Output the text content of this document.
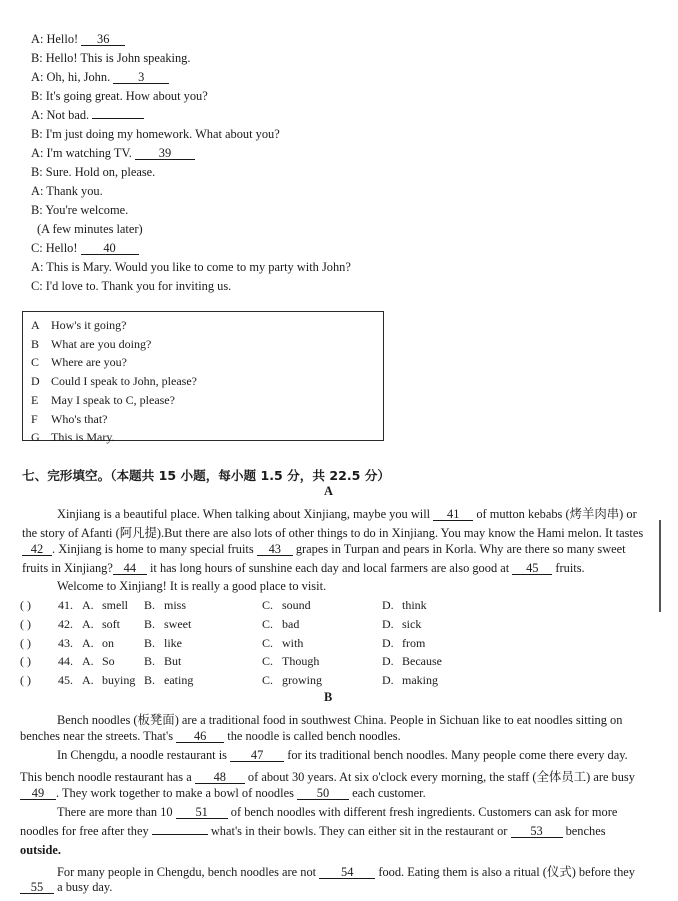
A: Hello! 36
B: Hello! This is John speaking.
A: Oh, hi, John. 3
B: It's going great. How about you?
A: Not bad.
B: I'm just doing my homework. What about you?
A: I'm watching TV. 39
B: Sure. Hold on, please.
A: Thank you.
B: You're welcome.
(A few minutes later)
C: Hello! 40
A: This is Mary. Would you like to come to my party with John?
C: I'd love to. Thank you for inviting us.
A How's it going?
B What are you doing?
C Where are you?
D Could I speak to John, please?
E May I speak to C, please?
F Who's that?
G This is Mary.
七、完形填空。（本题共 15 小题，每小题 1.5 分，共 22.5 分）
A
Xinjiang is a beautiful place. When talking about Xinjiang, maybe you will 41 of mutton kebabs (烤羊肉串) or
the story of Afanti (阿凡提).But there are also lots of other things to do in Xinjiang. You may know the Hami melon. It tastes
42 . Xinjiang is home to many special fruits 43 grapes in Turpan and pears in Korla. Why are there so many sweet
fruits in Xinjiang? 44 it has long hours of sunshine each day and local farmers are also good at 45 fruits.
Welcome to Xinjiang! It is really a good place to visit.
( ) 41. A. smell B. miss	C. sound	D. think
( ) 42. A. soft B. sweet	C. bad	D. sick
( ) 43. A. on	B. like	C. with	D. from
( ) 44. A. So B. But	C. Though	D. Because
( ) 45. A. buying B. eating	C. growing	D. making
B
Bench noodles (板凳面) are a traditional food in southwest China. People in Sichuan like to eat noodles sitting on
benches near the streets. That's 46 the noodle is called bench noodles.
In Chengdu, a noodle restaurant is 47 for its traditional bench noodles. Many people come there every day.
This bench noodle restaurant has a 48 of about 30 years. At six o'clock every morning, the staff (全体员工) are busy
49 . They work together to make a bowl of noodles 50 each customer.
There are more than 10 51 of bench noodles with different fresh ingredients. Customers can ask for more
noodles for free after they	what's in their bowls. They can either sit in the restaurant or 53 benches
outside.
For many people in Chengdu, bench noodles are not 54 food. Eating them is also a ritual (仪式) before they
55 a busy day.
